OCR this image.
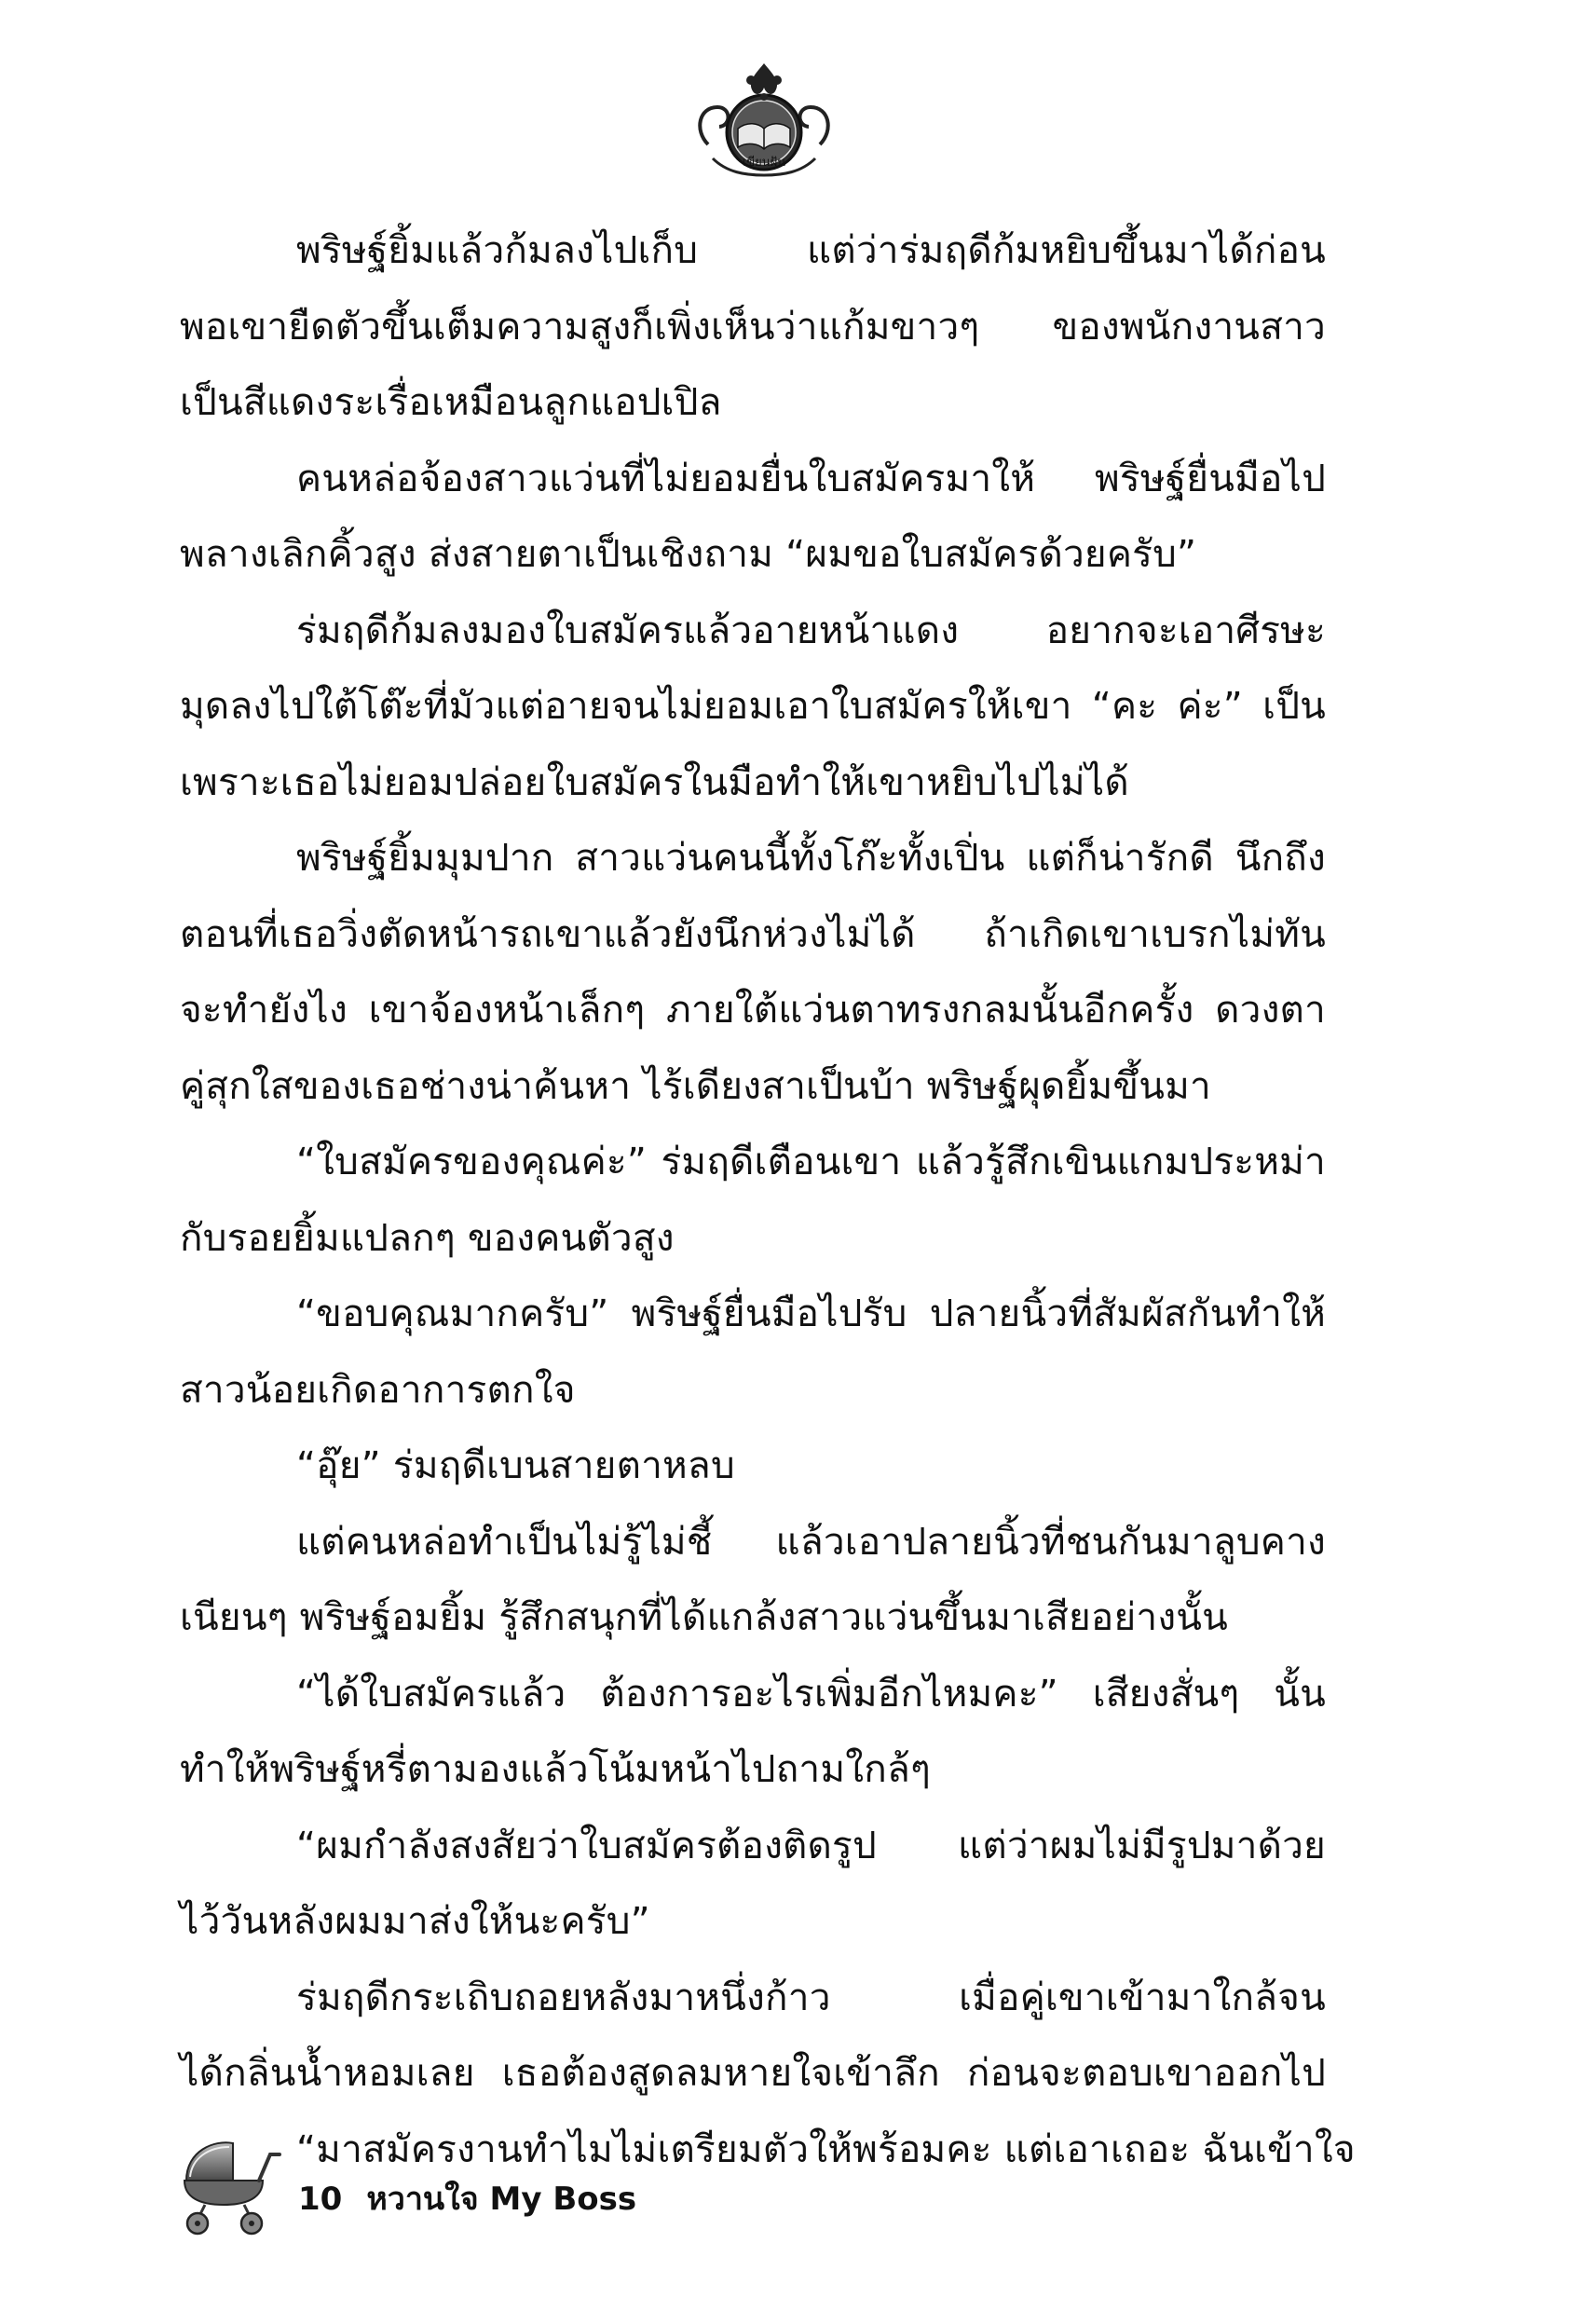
เขียนฝัน
พริษฐ์ยิ้มแล้วก้มลงไปเก็บ แต่ว่าร่มฤดีก้มหยิบขึ้นมาได้ก่อน
พอเขายืดตัวขึ้นเต็มความสูงก็เพิ่งเห็นว่าแก้มขาวๆ ของพนักงานสาว
เป็นสีแดงระเรื่อเหมือนลูกแอปเปิล
คนหล่อจ้องสาวแว่นที่ไม่ยอมยื่นใบสมัครมาให้ พริษฐ์ยื่นมือไป
พลางเลิกคิ้วสูง ส่งสายตาเป็นเชิงถาม “ผมขอใบสมัครด้วยครับ”
ร่มฤดีก้มลงมองใบสมัครแล้วอายหน้าแดง อยากจะเอาศีรษะ
มุดลงไปใต้โต๊ะที่มัวแต่อายจนไม่ยอมเอาใบสมัครให้เขา “คะ ค่ะ” เป็น
เพราะเธอไม่ยอมปล่อยใบสมัครในมือทำให้เขาหยิบไปไม่ได้
พริษฐ์ยิ้มมุมปาก สาวแว่นคนนี้ทั้งโก๊ะทั้งเปิ่น แต่ก็น่ารักดี นึกถึง
ตอนที่เธอวิ่งตัดหน้ารถเขาแล้วยังนึกห่วงไม่ได้ ถ้าเกิดเขาเบรกไม่ทัน
จะทำยังไง เขาจ้องหน้าเล็กๆ ภายใต้แว่นตาทรงกลมนั้นอีกครั้ง ดวงตา
คู่สุกใสของเธอช่างน่าค้นหา ไร้เดียงสาเป็นบ้า พริษฐ์ผุดยิ้มขึ้นมา
“ใบสมัครของคุณค่ะ” ร่มฤดีเตือนเขา แล้วรู้สึกเขินแกมประหม่า
กับรอยยิ้มแปลกๆ ของคนตัวสูง
“ขอบคุณมากครับ” พริษฐ์ยื่นมือไปรับ ปลายนิ้วที่สัมผัสกันทำให้
สาวน้อยเกิดอาการตกใจ
“อุ๊ย” ร่มฤดีเบนสายตาหลบ
แต่คนหล่อทำเป็นไม่รู้ไม่ชี้ แล้วเอาปลายนิ้วที่ชนกันมาลูบคาง
เนียนๆ พริษฐ์อมยิ้ม รู้สึกสนุกที่ได้แกล้งสาวแว่นขึ้นมาเสียอย่างนั้น
“ได้ใบสมัครแล้ว ต้องการอะไรเพิ่มอีกไหมคะ” เสียงสั่นๆ นั้น
ทำให้พริษฐ์หรี่ตามองแล้วโน้มหน้าไปถามใกล้ๆ
“ผมกำลังสงสัยว่าใบสมัครต้องติดรูป แต่ว่าผมไม่มีรูปมาด้วย
ไว้วันหลังผมมาส่งให้นะครับ”
ร่มฤดีกระเถิบถอยหลังมาหนึ่งก้าว เมื่อคู่เขาเข้ามาใกล้จน
ได้กลิ่นน้ำหอมเลย เธอต้องสูดลมหายใจเข้าลึก ก่อนจะตอบเขาออกไป
“มาสมัครงานทำไมไม่เตรียมตัวให้พร้อมคะ แต่เอาเถอะ ฉันเข้าใจ
10 หวานใจ My Boss
